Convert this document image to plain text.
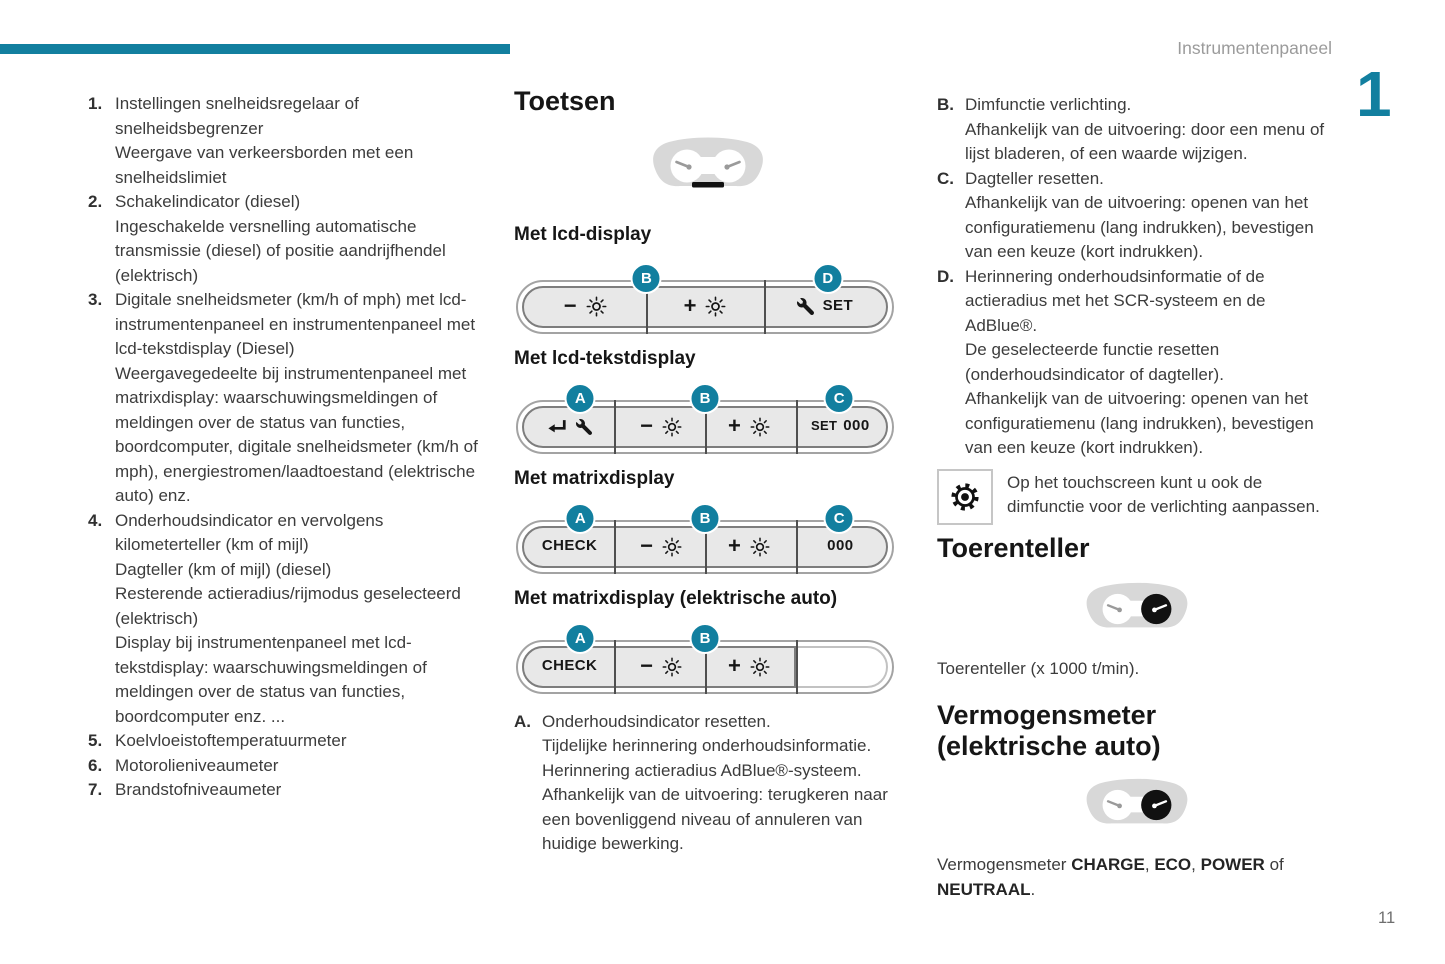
Instrumentenpaneel
1
11
1. Instellingen snelheidsregelaar of snelheidsbegrenzer
Weergave van verkeersborden met een snelheidslimiet
2. Schakelindicator (diesel)
Ingeschakelde versnelling automatische transmissie (diesel) of positie aandrijfhendel (elektrisch)
3. Digitale snelheidsmeter (km/h of mph) met lcd-instrumentenpaneel en instrumentenpaneel met lcd-tekstdisplay (Diesel)
Weergavegedeelte bij instrumentenpaneel met matrixdisplay: waarschuwingsmeldingen of meldingen over de status van functies, boordcomputer, digitale snelheidsmeter (km/h of mph), energiestromen/laadtoestand (elektrische auto) enz.
4. Onderhoudsindicator en vervolgens kilometerteller (km of mijl)
Dagteller (km of mijl) (diesel)
Resterende actieradius/rijmodus geselecteerd (elektrisch)
Display bij instrumentenpaneel met lcd-tekstdisplay: waarschuwingsmeldingen of meldingen over de status van functies, boordcomputer enz. ...
5. Koelvloeistoftemperatuurmeter
6. Motorolieniveaumeter
7. Brandstofniveaumeter
Toetsen
Met lcd-display
−	+	SET
B	D
Met lcd-tekstdisplay
−	+	SET 000
A	B	C
Met matrixdisplay
CHECK −	+	000
A	B	C
Met matrixdisplay (elektrische auto)
CHECK −	+
A	B
A. Onderhoudsindicator resetten.
Tijdelijke herinnering onderhoudsinformatie.
Herinnering actieradius AdBlue®-systeem.
Afhankelijk van de uitvoering: terugkeren naar een bovenliggend niveau of annuleren van huidige bewerking.
B. Dimfunctie verlichting.
Afhankelijk van de uitvoering: door een menu of lijst bladeren, of een waarde wijzigen.
C. Dagteller resetten.
Afhankelijk van de uitvoering: openen van het configuratiemenu (lang indrukken), bevestigen van een keuze (kort indrukken).
D. Herinnering onderhoudsinformatie of de actieradius met het SCR-systeem en de AdBlue®.
De geselecteerde functie resetten (onderhoudsindicator of dagteller).
Afhankelijk van de uitvoering: openen van het configuratiemenu (lang indrukken), bevestigen van een keuze (kort indrukken).
Op het touchscreen kunt u ook de dimfunctie voor de verlichting aanpassen.
Toerenteller
Toerenteller (x 1000 t/min).
Vermogensmeter (elektrische auto)
Vermogensmeter CHARGE, ECO, POWER of NEUTRAAL.
